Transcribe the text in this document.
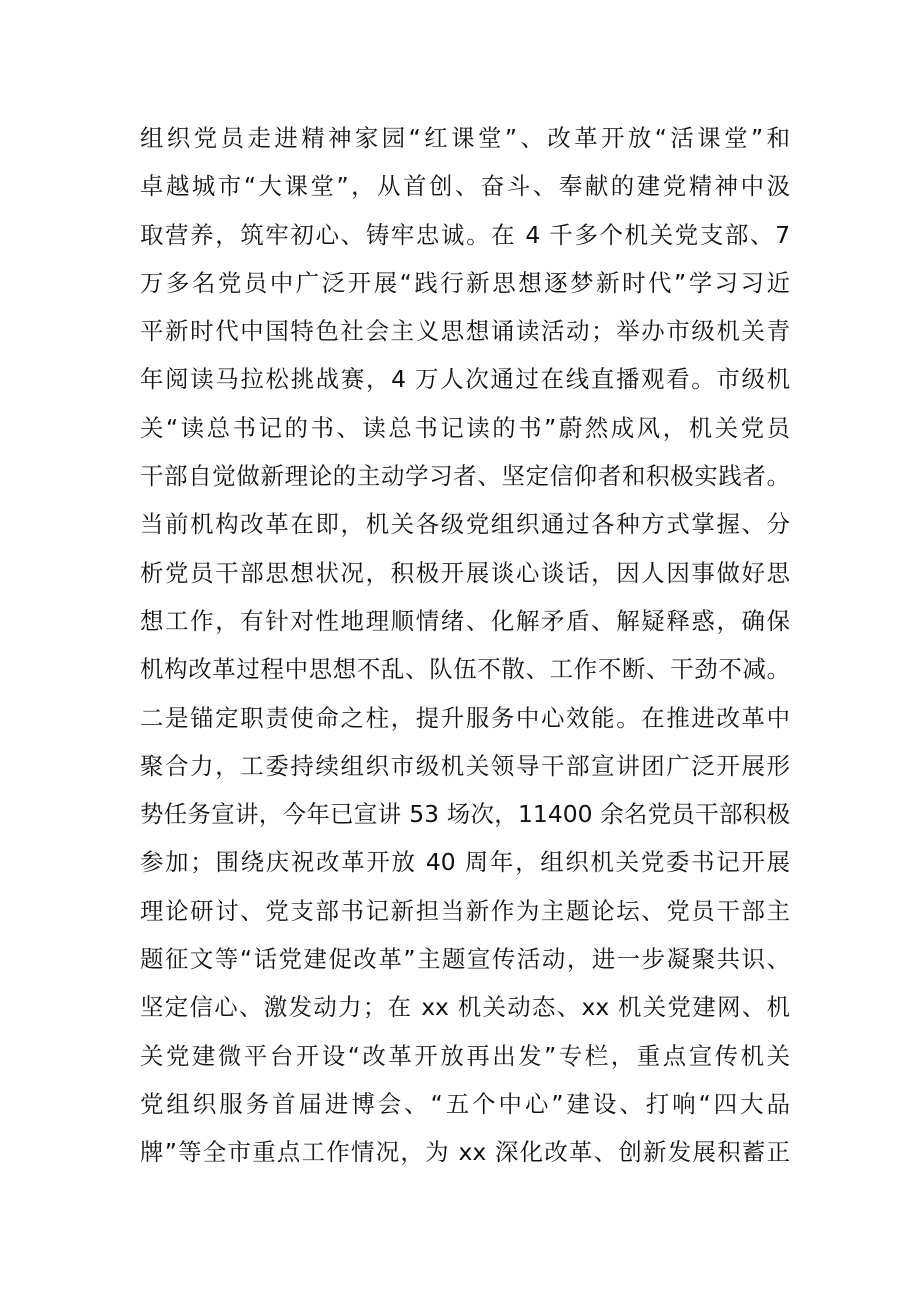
组织党员走进精神家园“红课堂”、改革开放“活课堂”和
卓越城市“大课堂”，从首创、奋斗、奉献的建党精神中汲
取营养，筑牢初心、铸牢忠诚。在 4 千多个机关党支部、7
万多名党员中广泛开展“践行新思想逐梦新时代”学习习近
平新时代中国特色社会主义思想诵读活动；举办市级机关青
年阅读马拉松挑战赛，4 万人次通过在线直播观看。市级机
关“读总书记的书、读总书记读的书”蔚然成风，机关党员
干部自觉做新理论的主动学习者、坚定信仰者和积极实践者。
当前机构改革在即，机关各级党组织通过各种方式掌握、分
析党员干部思想状况，积极开展谈心谈话，因人因事做好思
想工作，有针对性地理顺情绪、化解矛盾、解疑释惑，确保
机构改革过程中思想不乱、队伍不散、工作不断、干劲不减。
二是锚定职责使命之柱，提升服务中心效能。在推进改革中
聚合力，工委持续组织市级机关领导干部宣讲团广泛开展形
势任务宣讲，今年已宣讲 53 场次，11400 余名党员干部积极
参加；围绕庆祝改革开放 40 周年，组织机关党委书记开展
理论研讨、党支部书记新担当新作为主题论坛、党员干部主
题征文等“话党建促改革”主题宣传活动，进一步凝聚共识、
坚定信心、激发动力；在 xx 机关动态、xx 机关党建网、机
关党建微平台开设“改革开放再出发”专栏，重点宣传机关
党组织服务首届进博会、“五个中心”建设、打响“四大品
牌”等全市重点工作情况，为 xx 深化改革、创新发展积蓄正
